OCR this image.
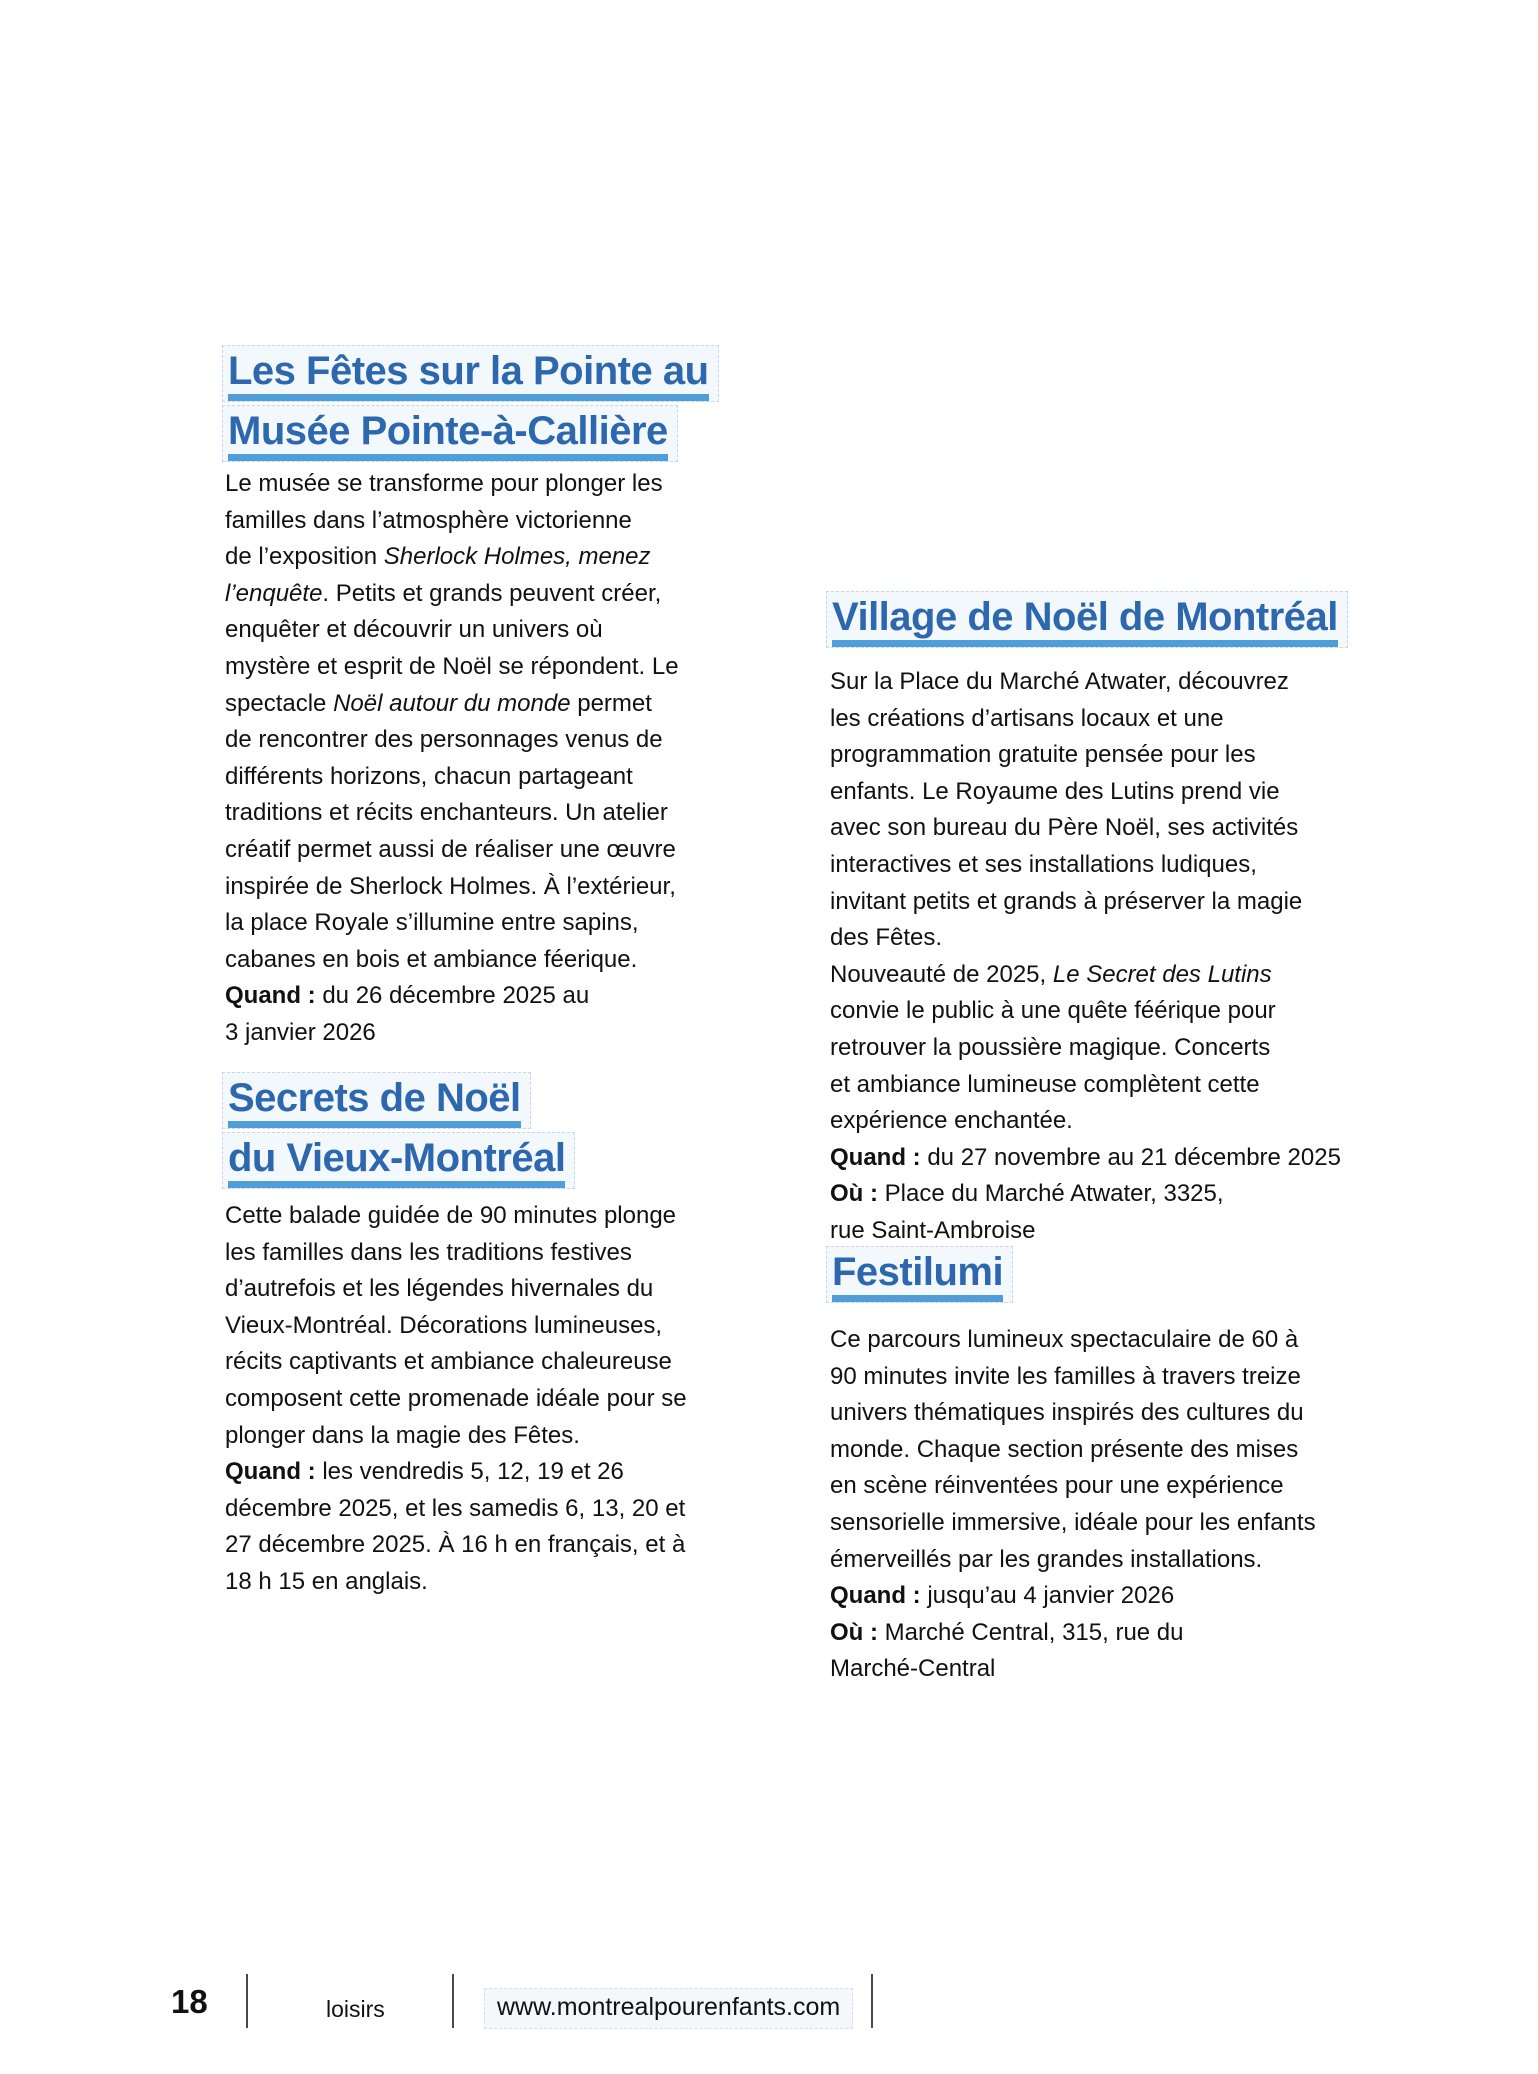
Les Fêtes sur la Pointe au
Musée Pointe-à-Callière
Le musée se transforme pour plonger les
familles dans l’atmosphère victorienne
de l’exposition Sherlock Holmes, menez
l’enquête. Petits et grands peuvent créer,
enquêter et découvrir un univers où
mystère et esprit de Noël se répondent. Le
spectacle Noël autour du monde permet
de rencontrer des personnages venus de
différents horizons, chacun partageant
traditions et récits enchanteurs. Un atelier
créatif permet aussi de réaliser une œuvre
inspirée de Sherlock Holmes. À l’extérieur,
la place Royale s’illumine entre sapins,
cabanes en bois et ambiance féerique.
Quand : du 26 décembre 2025 au
3 janvier 2026
Secrets de Noël
du Vieux-Montréal
Cette balade guidée de 90 minutes plonge
les familles dans les traditions festives
d’autrefois et les légendes hivernales du
Vieux-Montréal. Décorations lumineuses,
récits captivants et ambiance chaleureuse
composent cette promenade idéale pour se
plonger dans la magie des Fêtes.
Quand : les vendredis 5, 12, 19 et 26
décembre 2025, et les samedis 6, 13, 20 et
27 décembre 2025. À 16 h en français, et à
18 h 15 en anglais.
Village de Noël de Montréal
Sur la Place du Marché Atwater, découvrez
les créations d’artisans locaux et une
programmation gratuite pensée pour les
enfants. Le Royaume des Lutins prend vie
avec son bureau du Père Noël, ses activités
interactives et ses installations ludiques,
invitant petits et grands à préserver la magie
des Fêtes.
Nouveauté de 2025, Le Secret des Lutins
convie le public à une quête féérique pour
retrouver la poussière magique. Concerts
et ambiance lumineuse complètent cette
expérience enchantée.
Quand : du 27 novembre au 21 décembre 2025
Où : Place du Marché Atwater, 3325,
rue Saint-Ambroise
Festilumi
Ce parcours lumineux spectaculaire de 60 à
90 minutes invite les familles à travers treize
univers thématiques inspirés des cultures du
monde. Chaque section présente des mises
en scène réinventées pour une expérience
sensorielle immersive, idéale pour les enfants
émerveillés par les grandes installations.
Quand : jusqu’au 4 janvier 2026
Où : Marché Central, 315, rue du
Marché-Central
18	loisirs	www.montrealpourenfants.com
